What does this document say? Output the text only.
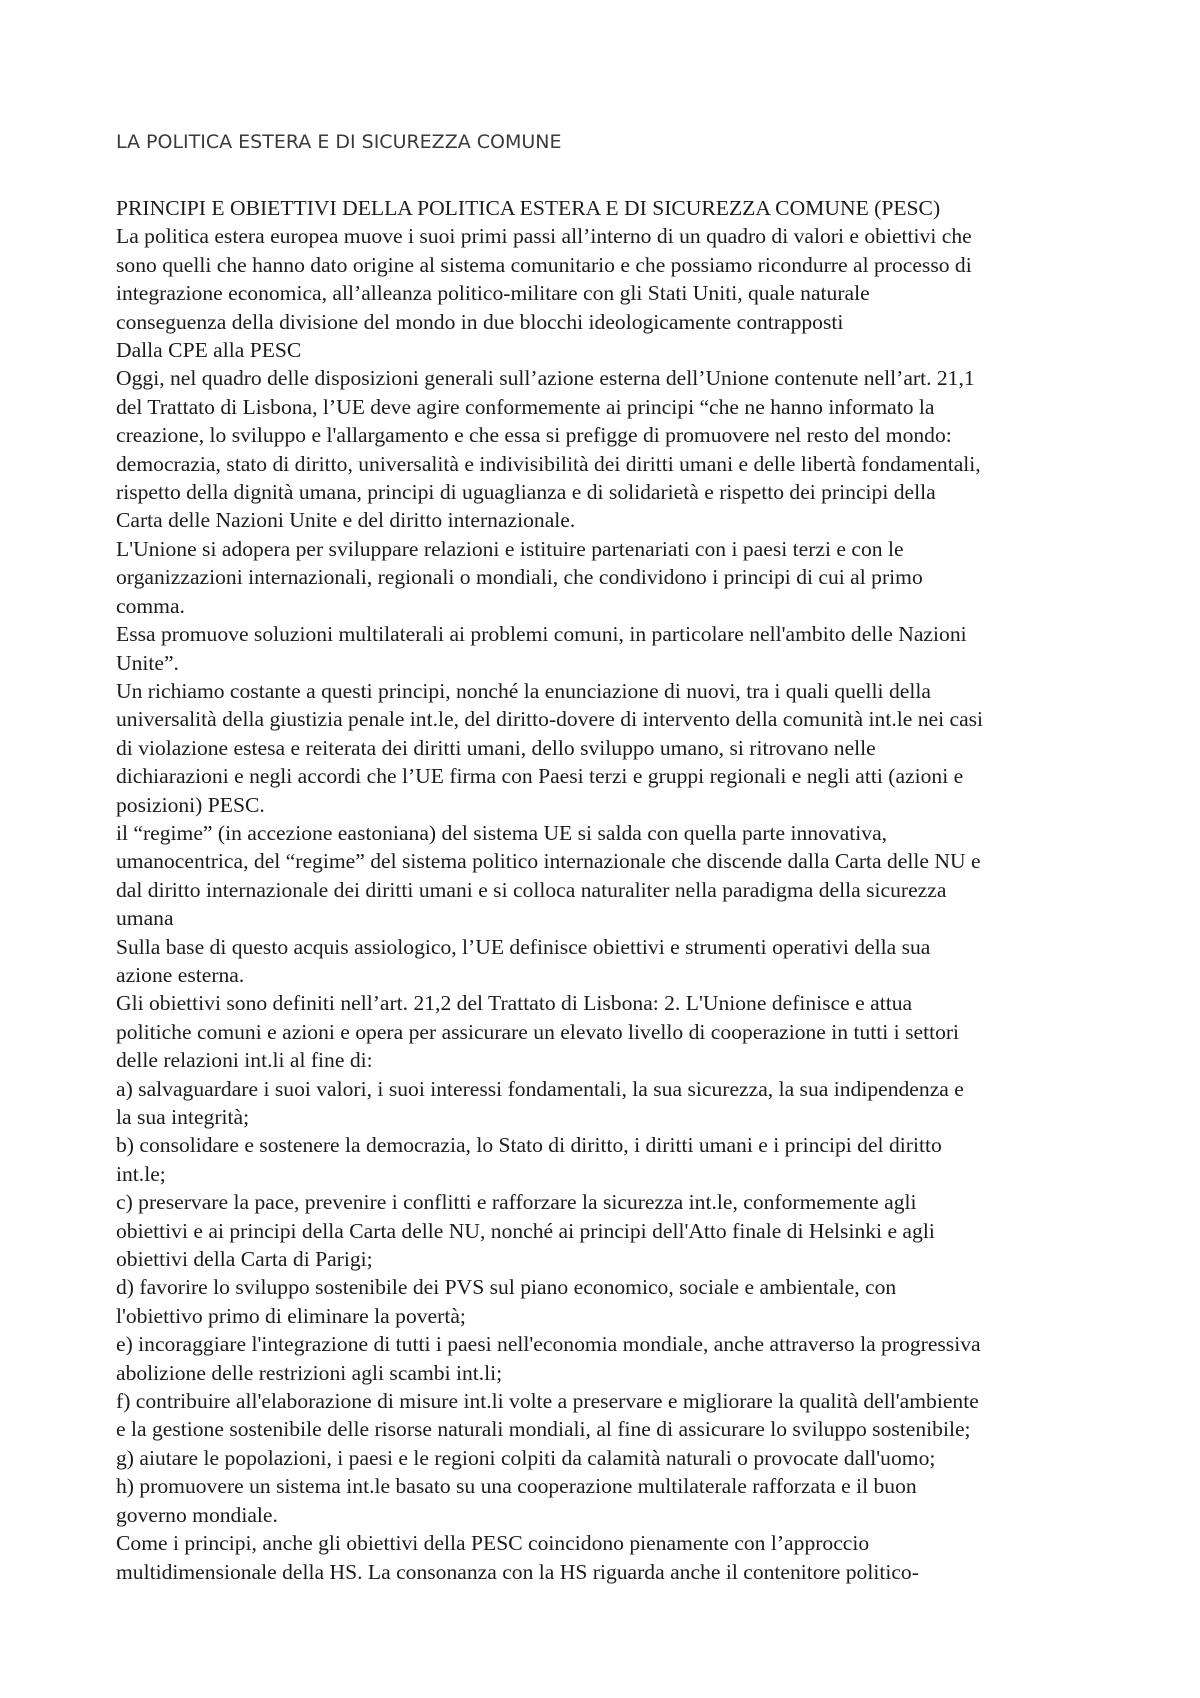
LA POLITICA ESTERA E DI SICUREZZA COMUNE

PRINCIPI E OBIETTIVI DELLA POLITICA ESTERA E DI SICUREZZA COMUNE (PESC)

La politica estera europea muove i suoi primi passi all’interno di un quadro di valori e obiettivi che

sono quelli che hanno dato origine al sistema comunitario e che possiamo ricondurre al processo di

integrazione economica, all’alleanza politico-militare con gli Stati Uniti, quale naturale

conseguenza della divisione del mondo in due blocchi ideologicamente contrapposti

Dalla CPE alla PESC

Oggi, nel quadro delle disposizioni generali sull’azione esterna dell’Unione contenute nell’art. 21,1

del Trattato di Lisbona, l’UE deve agire conformemente ai principi “che ne hanno informato la

creazione, lo sviluppo e l'allargamento e che essa si prefigge di promuovere nel resto del mondo:

democrazia, stato di diritto, universalità e indivisibilità dei diritti umani e delle libertà fondamentali,

rispetto della dignità umana, principi di uguaglianza e di solidarietà e rispetto dei principi della

Carta delle Nazioni Unite e del diritto internazionale.

L'Unione si adopera per sviluppare relazioni e istituire partenariati con i paesi terzi e con le

organizzazioni internazionali, regionali o mondiali, che condividono i principi di cui al primo

comma.

Essa promuove soluzioni multilaterali ai problemi comuni, in particolare nell'ambito delle Nazioni

Unite”.

Un richiamo costante a questi principi, nonché la enunciazione di nuovi, tra i quali quelli della

universalità della giustizia penale int.le, del diritto-dovere di intervento della comunità int.le nei casi

di violazione estesa e reiterata dei diritti umani, dello sviluppo umano, si ritrovano nelle

dichiarazioni e negli accordi che l’UE firma con Paesi terzi e gruppi regionali e negli atti (azioni e

posizioni) PESC.

il “regime” (in accezione eastoniana) del sistema UE si salda con quella parte innovativa,

umanocentrica, del “regime” del sistema politico internazionale che discende dalla Carta delle NU e

dal diritto internazionale dei diritti umani e si colloca naturaliter nella paradigma della sicurezza

umana

Sulla base di questo acquis assiologico, l’UE definisce obiettivi e strumenti operativi della sua

azione esterna.

Gli obiettivi sono definiti nell’art. 21,2 del Trattato di Lisbona: 2. L'Unione definisce e attua

politiche comuni e azioni e opera per assicurare un elevato livello di cooperazione in tutti i settori

delle relazioni int.li al fine di:

a) salvaguardare i suoi valori, i suoi interessi fondamentali, la sua sicurezza, la sua indipendenza e

la sua integrità;

b) consolidare e sostenere la democrazia, lo Stato di diritto, i diritti umani e i principi del diritto

int.le;

c) preservare la pace, prevenire i conflitti e rafforzare la sicurezza int.le, conformemente agli

obiettivi e ai principi della Carta delle NU, nonché ai principi dell'Atto finale di Helsinki e agli

obiettivi della Carta di Parigi;

d) favorire lo sviluppo sostenibile dei PVS sul piano economico, sociale e ambientale, con

l'obiettivo primo di eliminare la povertà;

e) incoraggiare l'integrazione di tutti i paesi nell'economia mondiale, anche attraverso la progressiva

abolizione delle restrizioni agli scambi int.li;

f) contribuire all'elaborazione di misure int.li volte a preservare e migliorare la qualità dell'ambiente

e la gestione sostenibile delle risorse naturali mondiali, al fine di assicurare lo sviluppo sostenibile;

g) aiutare le popolazioni, i paesi e le regioni colpiti da calamità naturali o provocate dall'uomo;

h) promuovere un sistema int.le basato su una cooperazione multilaterale rafforzata e il buon

governo mondiale.

Come i principi, anche gli obiettivi della PESC coincidono pienamente con l’approccio

multidimensionale della HS. La consonanza con la HS riguarda anche il contenitore politico-
